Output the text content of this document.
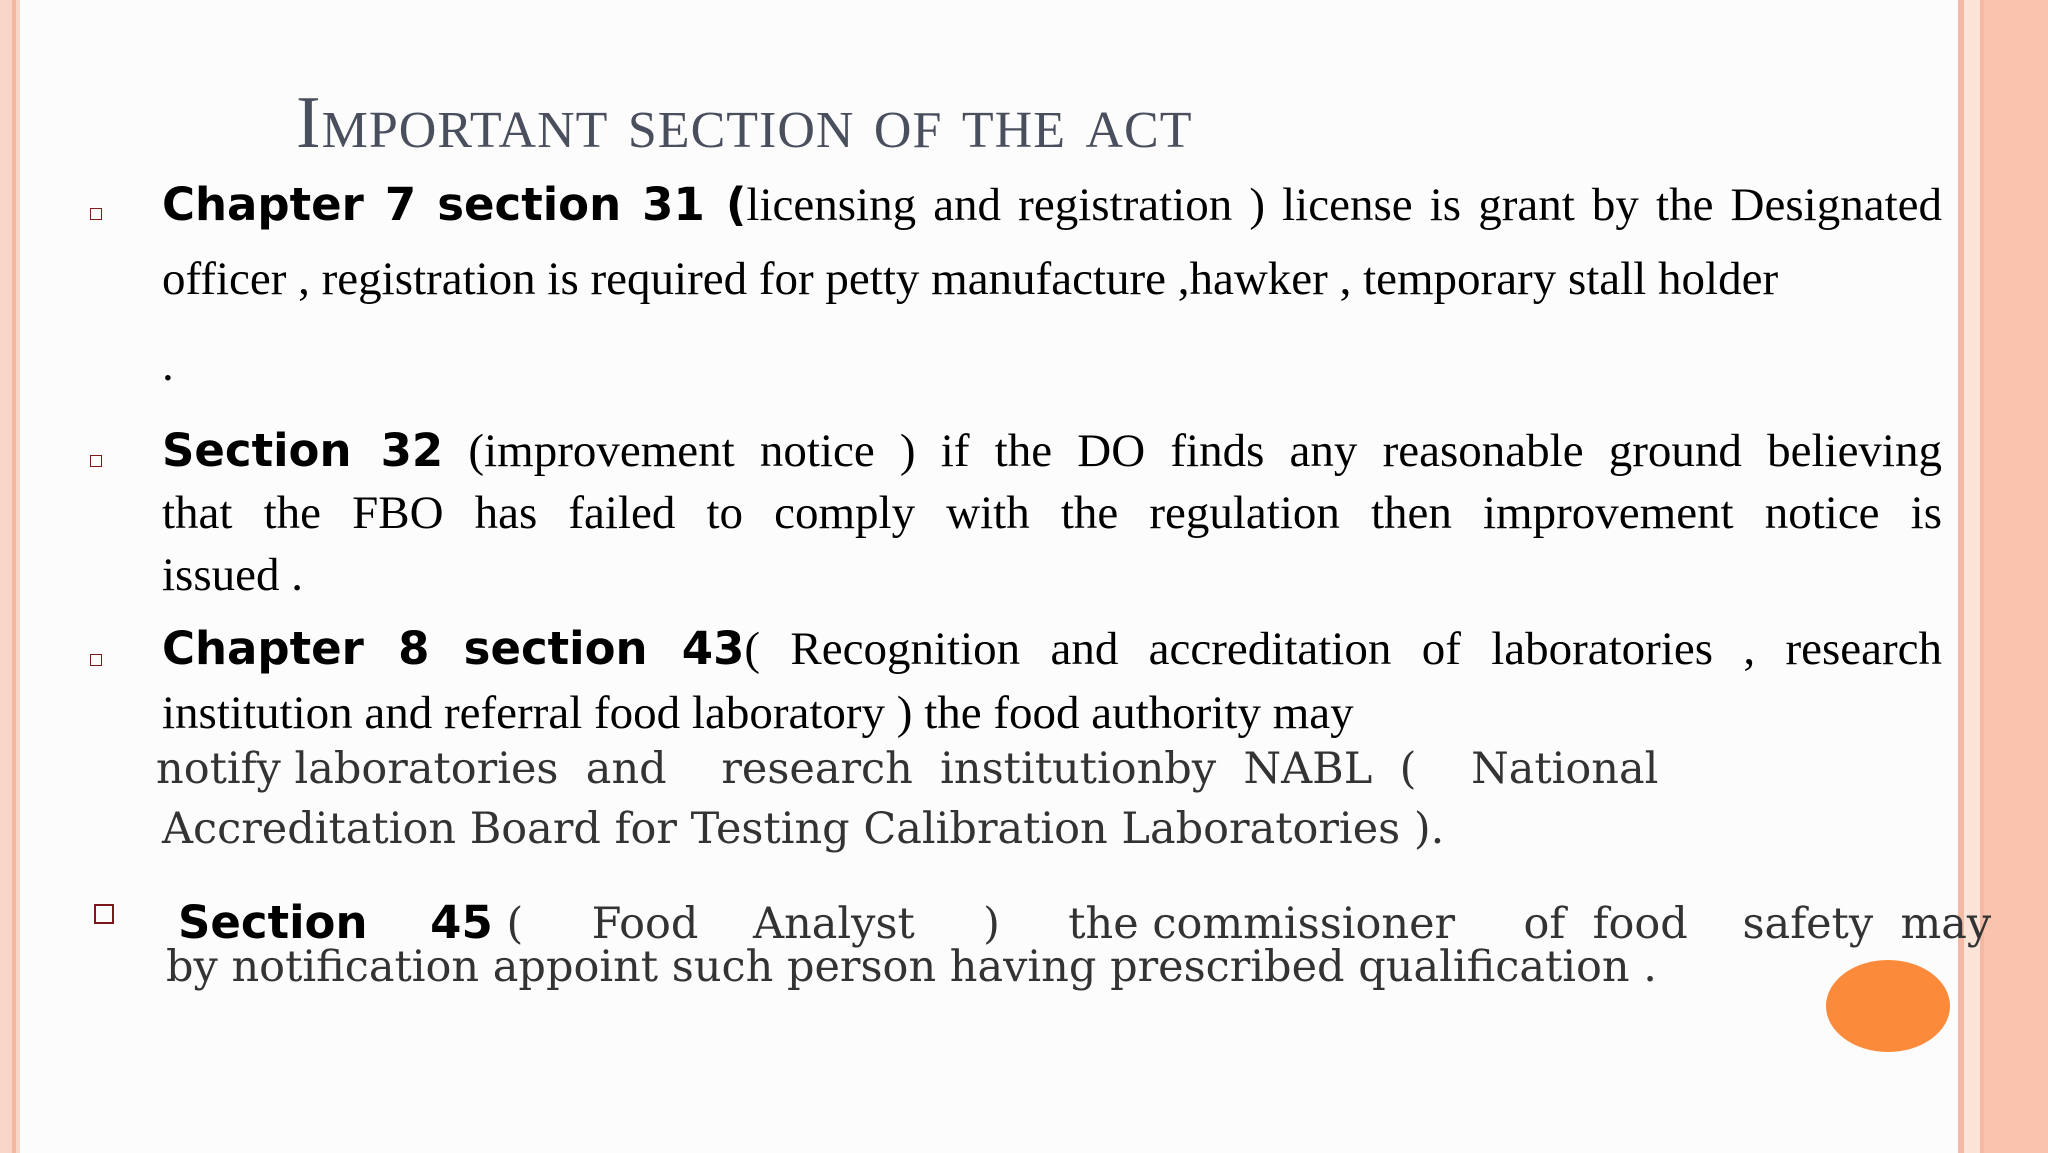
Important section of the act
Chapter 7 section 31 (licensing and registration ) license is grant by the Designated
officer , registration is required for petty manufacture ,hawker , temporary stall holder
.
Section 32 (improvement notice ) if the DO finds any reasonable ground believing
that the FBO has failed to comply with the regulation then improvement notice is
issued .
Chapter 8 section 43( Recognition and accreditation of laboratories , research
institution and referral food laboratory ) the food authority may
notify laboratories  and    research  institutionby  NABL  (    National
Accreditation Board for Testing Calibration Laboratories ).

Section 45 (     Food    Analyst     )     the commissioner     of  food    safety  may

by notification appoint such person having prescribed qualification .
